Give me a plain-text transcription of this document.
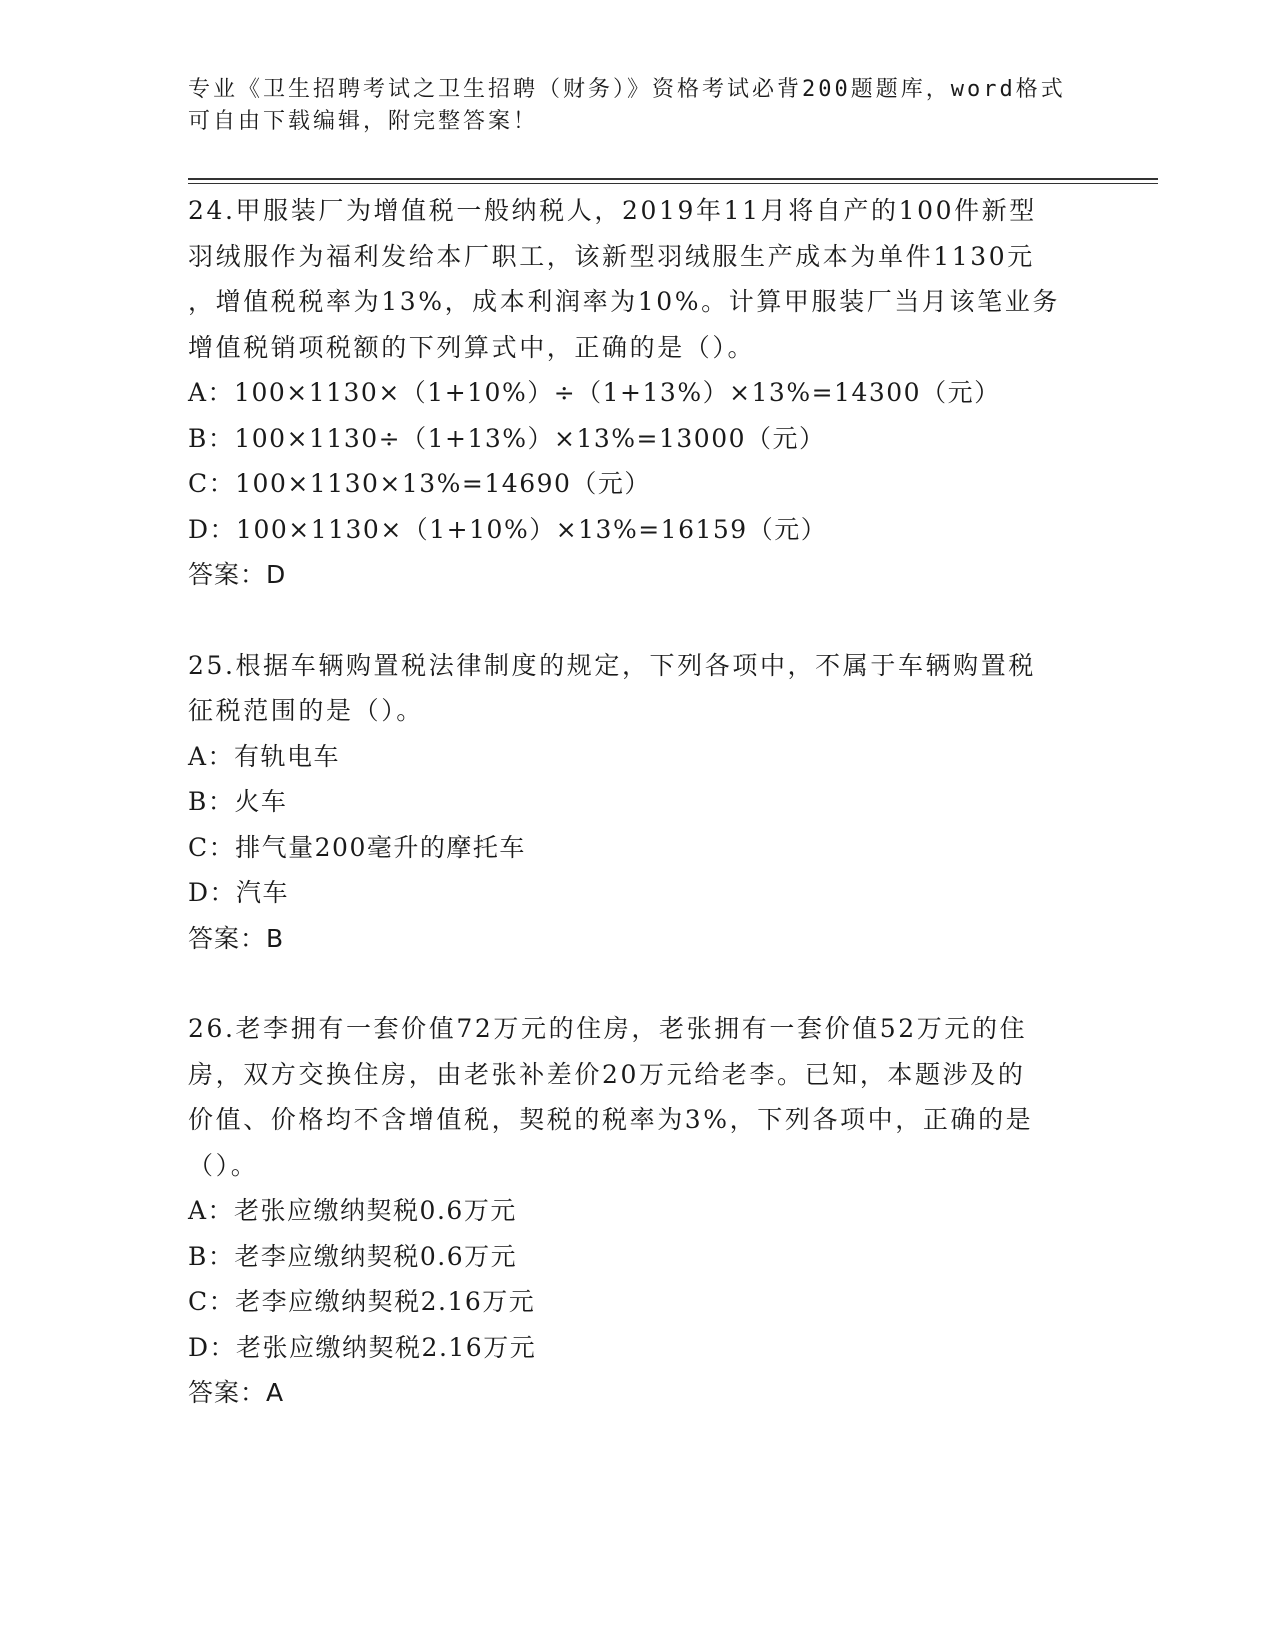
专业《卫生招聘考试之卫生招聘（财务）》资格考试必背200题题库，word格式
可自由下载编辑，附完整答案！
24.甲服装厂为增值税一般纳税人，2019年11月将自产的100件新型
羽绒服作为福利发给本厂职工，该新型羽绒服生产成本为单件1130元
，增值税税率为13%，成本利润率为10%。计算甲服装厂当月该笔业务
增值税销项税额的下列算式中，正确的是（）。
A：100×1130×（1+10%）÷（1+13%）×13%=14300（元）
B：100×1130÷（1+13%）×13%=13000（元）
C：100×1130×13%=14690（元）
D：100×1130×（1+10%）×13%=16159（元）
答案：D
25.根据车辆购置税法律制度的规定，下列各项中，不属于车辆购置税
征税范围的是（）。
A：有轨电车
B：火车
C：排气量200毫升的摩托车
D：汽车
答案：B
26.老李拥有一套价值72万元的住房，老张拥有一套价值52万元的住
房，双方交换住房，由老张补差价20万元给老李。已知，本题涉及的
价值、价格均不含增值税，契税的税率为3%，下列各项中，正确的是
（）。
A：老张应缴纳契税0.6万元
B：老李应缴纳契税0.6万元
C：老李应缴纳契税2.16万元
D：老张应缴纳契税2.16万元
答案：A
